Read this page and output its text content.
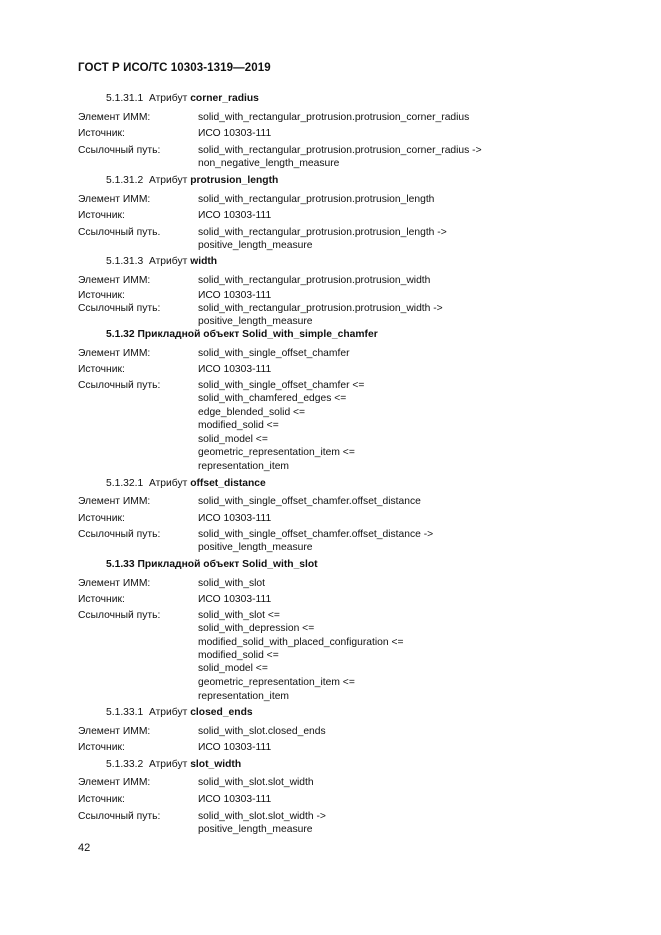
ГОСТ Р ИСО/ТС 10303-1319—2019
5.1.31.1 Атрибут corner_radius
Элемент ИММ:	solid_with_rectangular_protrusion.protrusion_corner_radius
Источник:	ИСО 10303-111
Ссылочный путь:	solid_with_rectangular_protrusion.protrusion_corner_radius ->
non_negative_length_measure
5.1.31.2 Атрибут protrusion_length
Элемент ИММ:	solid_with_rectangular_protrusion.protrusion_length
Источник:	ИСО 10303-111
Ссылочный путь.	solid_with_rectangular_protrusion.protrusion_length ->
positive_length_measure
5.1.31.3 Атрибут width
Элемент ИММ:	solid_with_rectangular_protrusion.protrusion_width
Источник:	ИСО 10303-111
Ссылочный путь:	solid_with_rectangular_protrusion.protrusion_width ->
positive_length_measure
5.1.32 Прикладной объект Solid_with_simple_chamfer
Элемент ИММ:	solid_with_single_offset_chamfer
Источник:	ИСО 10303-111
Ссылочный путь:	solid_with_single_offset_chamfer <=
solid_with_chamfered_edges <=
edge_blended_solid <=
modified_solid <=
solid_model <=
geometric_representation_item <=
representation_item
5.1.32.1 Атрибут offset_distance
Элемент ИММ:	solid_with_single_offset_chamfer.offset_distance
Источник:	ИСО 10303-111
Ссылочный путь:	solid_with_single_offset_chamfer.offset_distance ->
positive_length_measure
5.1.33 Прикладной объект Solid_with_slot
Элемент ИММ:	solid_with_slot
Источник:	ИСО 10303-111
Ссылочный путь:	solid_with_slot <=
solid_with_depression <=
modified_solid_with_placed_configuration <=
modified_solid <=
solid_model <=
geometric_representation_item <=
representation_item
5.1.33.1 Атрибут closed_ends
Элемент ИММ:	solid_with_slot.closed_ends
Источник:	ИСО 10303-111
5.1.33.2 Атрибут slot_width
Элемент ИММ:	solid_with_slot.slot_width
Источник:	ИСО 10303-111
Ссылочный путь:	solid_with_slot.slot_width ->
positive_length_measure
42
